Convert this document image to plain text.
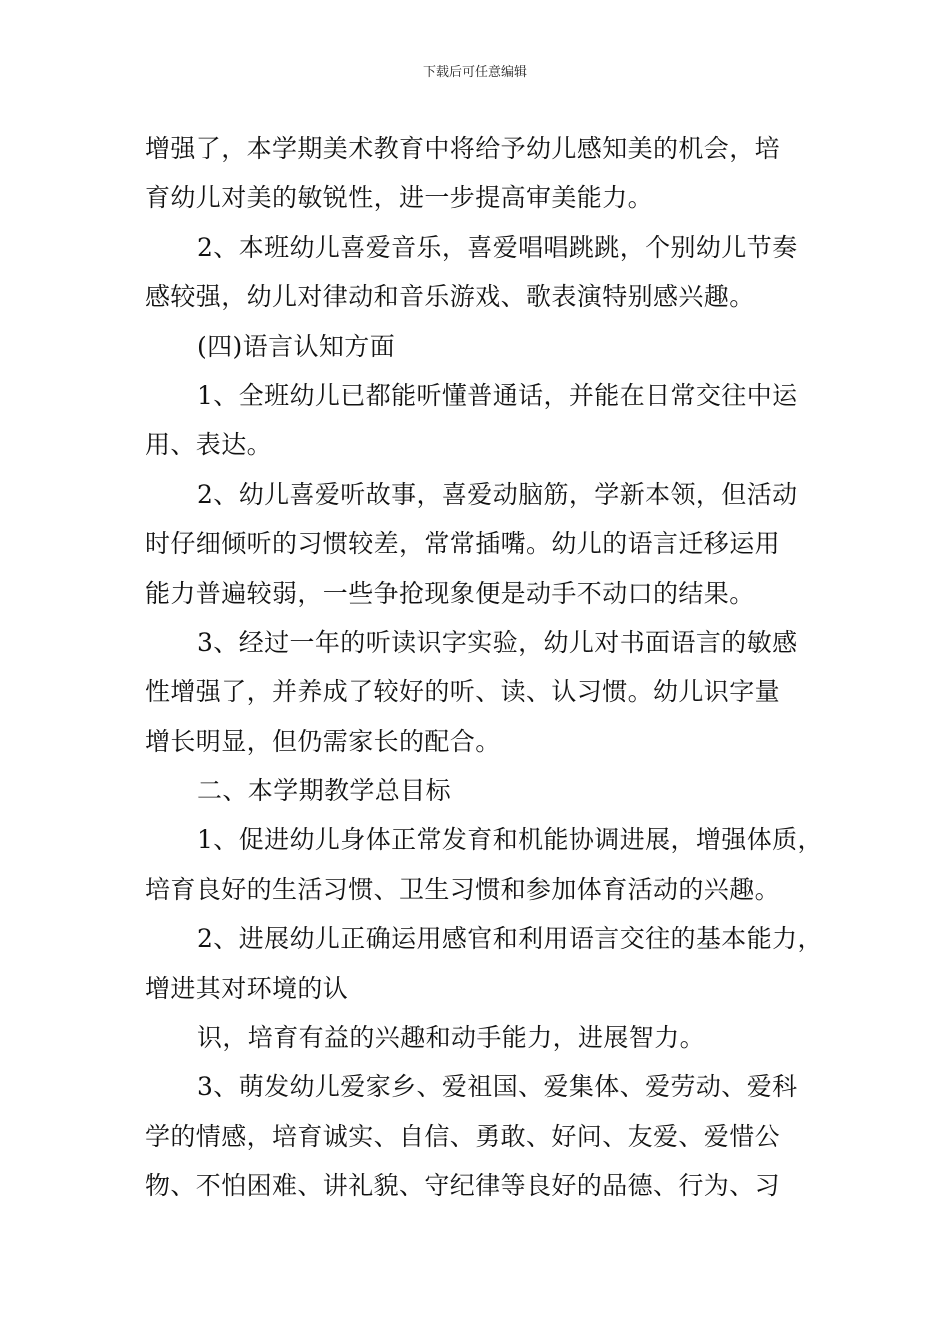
下载后可任意编辑
增强了，本学期美术教育中将给予幼儿感知美的机会，培
育幼儿对美的敏锐性，进一步提高审美能力。
2、本班幼儿喜爱音乐，喜爱唱唱跳跳，个别幼儿节奏
感较强，幼儿对律动和音乐游戏、歌表演特别感兴趣。
(四)语言认知方面
1、全班幼儿已都能听懂普通话，并能在日常交往中运
用、表达。
2、幼儿喜爱听故事，喜爱动脑筋，学新本领，但活动
时仔细倾听的习惯较差，常常插嘴。幼儿的语言迁移运用
能力普遍较弱，一些争抢现象便是动手不动口的结果。
3、经过一年的听读识字实验，幼儿对书面语言的敏感
性增强了，并养成了较好的听、读、认习惯。幼儿识字量
增长明显，但仍需家长的配合。
二、本学期教学总目标
1、促进幼儿身体正常发育和机能协调进展，增强体质，
培育良好的生活习惯、卫生习惯和参加体育活动的兴趣。
2、进展幼儿正确运用感官和利用语言交往的基本能力，
增进其对环境的认
识，培育有益的兴趣和动手能力，进展智力。
3、萌发幼儿爱家乡、爱祖国、爱集体、爱劳动、爱科
学的情感，培育诚实、自信、勇敢、好问、友爱、爱惜公
物、不怕困难、讲礼貌、守纪律等良好的品德、行为、习
